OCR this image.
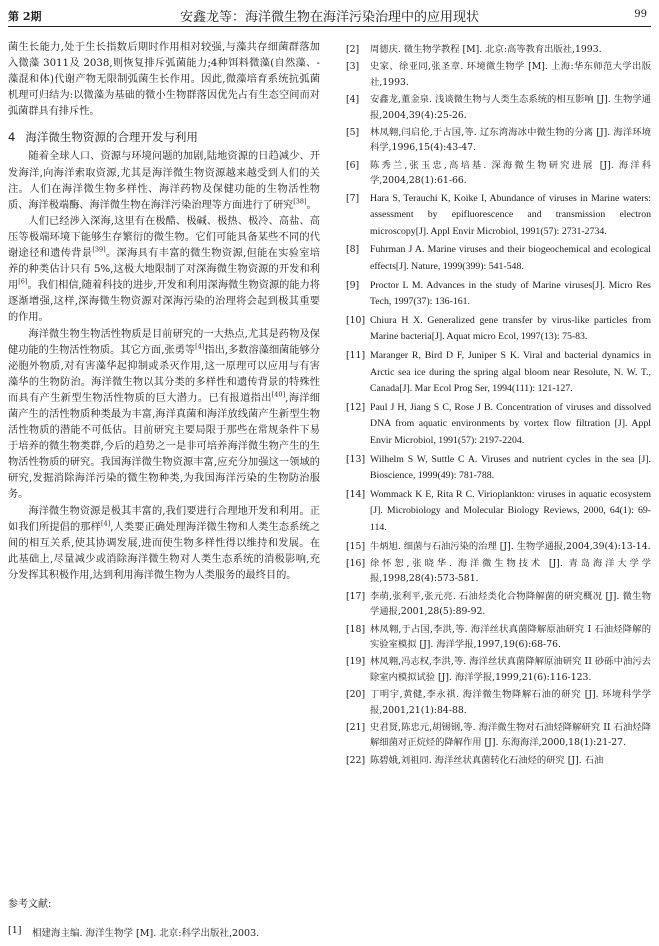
第 2期	安鑫龙等：海洋微生物在海洋污染治理中的应用现状	99

菌生长能力,处于生长指数后期时作用相对较强,与藻共存细菌群落加入微藻 3011及 2038,则恢复排斥弧菌能力;4种饵料微藻(自然藻、-藻混和体)代谢产物无限制弧菌生长作用。因此,微藻培育系统抗弧菌机理可归结为:以微藻为基础的微小生物群落因优先占有生态空间而对弧菌群具有排斥性。

4 海洋微生物资源的合理开发与利用

随着全球人口、资源与环境问题的加剧,陆地资源的日趋减少、开发海洋,向海洋索取资源,尤其是海洋微生物资源越来越受到人们的关注。人们在海洋微生物多样性、海洋药物及保健功能的生物活性物质、海洋极端酶、海洋微生物在海洋污染治理等方面进行了研究[38]。

人们已经涉入深海,这里有在极酷、极碱、极热、极冷、高盐、高压等极端环境下能够生存繁衍的微生物。它们可能具备某些不同的代谢途径和遗传背景[39]。深海具有丰富的微生物资源,但能在实验室培养的种类估计只有 5%,这极大地限制了对深海微生物资源的开发和利用[6]。我们相信,随着科技的进步,开发和利用深海微生物资源的能力将逐渐增强,这样,深海微生物资源对深海污染的治理将会起到极其重要的作用。

海洋微生物生物活性物质是目前研究的一大热点,尤其是药物及保健功能的生物活性物质。其它方面,张勇等[4]指出,多数溶藻细菌能够分泌胞外物质,对有害藻华起抑制或杀灭作用,这一原理可以应用与有害藻华的生物防治。海洋微生物以其分类的多样性和遗传背景的特殊性而具有产生新型生物活性物质的巨大潜力。已有报道指出[40],海洋细菌产生的活性物质种类最为丰富,海洋真菌和海洋放线菌产生新型生物活性物质的潜能不可低估。目前研究主要局限于那些在常规条件下易于培养的微生物类群,今后的趋势之一是非可培养海洋微生物产生的生物活性物质的研究。我国海洋微生物资源丰富,应充分加强这一领域的研究,发掘消除海洋污染的微生物种类,为我国海洋污染的生物防治服务。

海洋微生物资源是极其丰富的,我们要进行合理地开发和利用。正如我们所提倡的那样[4],人类要正确处理海洋微生物和人类生态系统之间的相互关系,使其协调发展,进而使生物多样性得以维持和发展。在此基础上,尽量减少或消除海洋微生物对人类生态系统的消极影响,充分发挥其积极作用,达到利用海洋微生物为人类服务的最终目的。

参考文献:
[1]	相建海主编. 海洋生物学 [M]. 北京:科学出版社,2003.
[2]	周德庆. 微生物学教程 [M]. 北京:高等教育出版社,1993.
[3]	史家、徐亚同,张圣章. 环境微生物学 [M]. 上海:华东师范大学出版社,1993.
[4]	安鑫龙,董金泉. 浅谈微生物与人类生态系统的相互影响 [J]. 生物学通报,2004,39(4):25-26.
[5]	林凤翱,闫启伦,于占国,等. 辽东湾海冰中微生物的分离 [J]. 海洋环境科学,1996,15(4):43-47.
[6]	陈秀兰,张玉忠,高培基. 深海微生物研究进展 [J]. 海洋科学,2004,28(1):61-66.
[7]	Hara S, Terauchi K, Koike I, Abundance of viruses in Marine waters: assessment by epifluorescence and transmission electron microscopy[J]. Appl Envir Microbiol, 1991(57): 2731-2734.
[8]	Fuhrman J A. Marine viruses and their biogeochemical and ecological effects[J]. Nature, 1999(399): 541-548.
[9]	Proctor L M. Advances in the study of Marine viruses[J]. Micro Res Tech, 1997(37): 136-161.
[10] Chiura H X. Generalized gene transfer by virus-like particles from Marine bacteria[J]. Aquat micro Ecol, 1997(13): 75-83.
[11] Maranger R, Bird D F, Juniper S K. Viral and bacterial dynamics in Arctic sea ice during the spring algal bloom near Resolute, N. W. T., Canada[J]. Mar Ecol Prog Ser, 1994(111): 121-127.
[12] Paul J H, Jiang S C, Rose J B. Concentration of viruses and dissolved DNA from aquatic environments by vortex flow filtration [J]. Appl Envir Microbiol, 1991(57): 2197-2204.
[13] Wilhelm S W, Suttle C A. Viruses and nutrient cycles in the sea [J]. Bioscience, 1999(49): 781-788.
[14] Wommack K E, Rita R C. Virioplankton: viruses in aquatic ecosystem [J]. Microbiology and Molecular Biology Reviews, 2000, 64(1): 69-114.
[15] 牛炳旭. 细菌与石油污染的治理 [J]. 生物学通报,2004,39(4):13-14.
[16] 徐怀恕,张晓华. 海洋微生物技术 [J]. 青岛海洋大学学报,1998,28(4):573-581.
[17] 李萌,张利平,张元亮. 石油烃类化合物降解菌的研究概况 [J]. 微生物学通报,2001,28(5):89-92.
[18] 林凤翱,于占国,李洪,等. 海洋丝状真菌降解原油研究 I 石油烃降解的实验室模拟 [J]. 海洋学报,1997,19(6):68-76.
[19] 林凤翱,冯志权,李洪,等. 海洋丝状真菌降解原油研究 II 砂砾中油污去除室内模拟试验 [J]. 海洋学报,1999,21(6):116-123.
[20] 丁明宇,黄健,李永祺. 海洋微生物降解石油的研究 [J]. 环境科学学报,2001,21(1):84-88.
[21] 史君贤,陈忠元,胡锡钢,等. 海洋微生物对石油烃降解研究 II 石油烃降解细菌对正烷烃的降解作用 [J]. 东海海洋,2000,18(1):21-27.
[22] 陈碧娥,刘祖同. 海洋丝状真菌转化石油烃的研究 [J]. 石油
